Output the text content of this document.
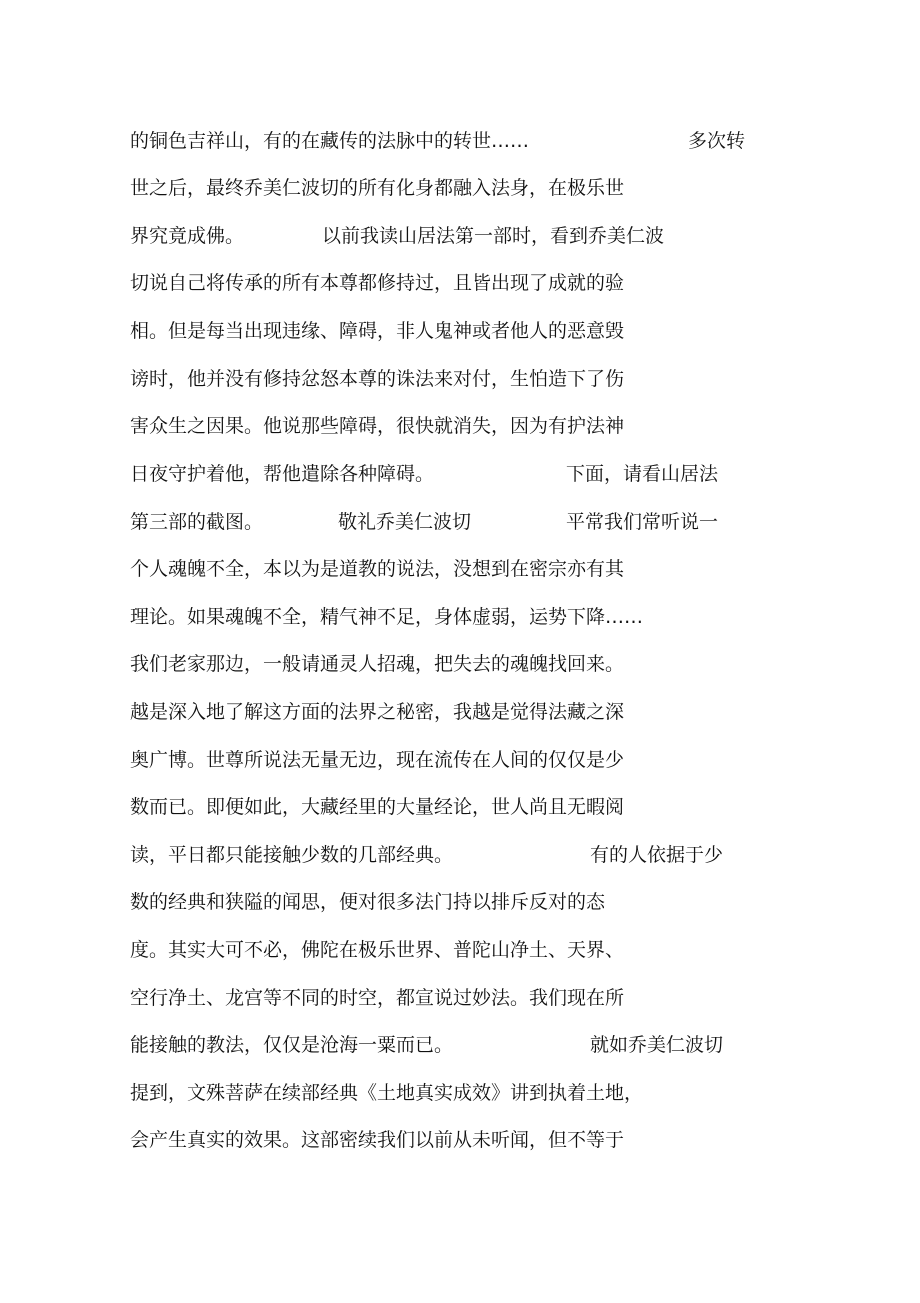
的铜色吉祥山，有的在藏传的法脉中的转世……	多次转
世之后，最终乔美仁波切的所有化身都融入法身，在极乐世
界究竟成佛。	以前我读山居法第一部时，看到乔美仁波
切说自己将传承的所有本尊都修持过，且皆出现了成就的验
相。但是每当出现违缘、障碍，非人鬼神或者他人的恶意毁
谤时，他并没有修持忿怒本尊的诛法来对付，生怕造下了伤
害众生之因果。他说那些障碍，很快就消失，因为有护法神
日夜守护着他，帮他遣除各种障碍。	下面，请看山居法
第三部的截图。	敬礼乔美仁波切	平常我们常听说一
个人魂魄不全，本以为是道教的说法，没想到在密宗亦有其
理论。如果魂魄不全，精气神不足，身体虚弱，运势下降……
我们老家那边，一般请通灵人招魂，把失去的魂魄找回来。
越是深入地了解这方面的法界之秘密，我越是觉得法藏之深
奥广博。世尊所说法无量无边，现在流传在人间的仅仅是少
数而已。即便如此，大藏经里的大量经论，世人尚且无暇阅
读，平日都只能接触少数的几部经典。	有的人依据于少
数的经典和狭隘的闻思，便对很多法门持以排斥反对的态
度。其实大可不必，佛陀在极乐世界、普陀山净土、天界、
空行净土、龙宫等不同的时空，都宣说过妙法。我们现在所
能接触的教法，仅仅是沧海一粟而已。	就如乔美仁波切
提到，文殊菩萨在续部经典《土地真实成效》讲到执着土地，
会产生真实的效果。这部密续我们以前从未听闻，但不等于
